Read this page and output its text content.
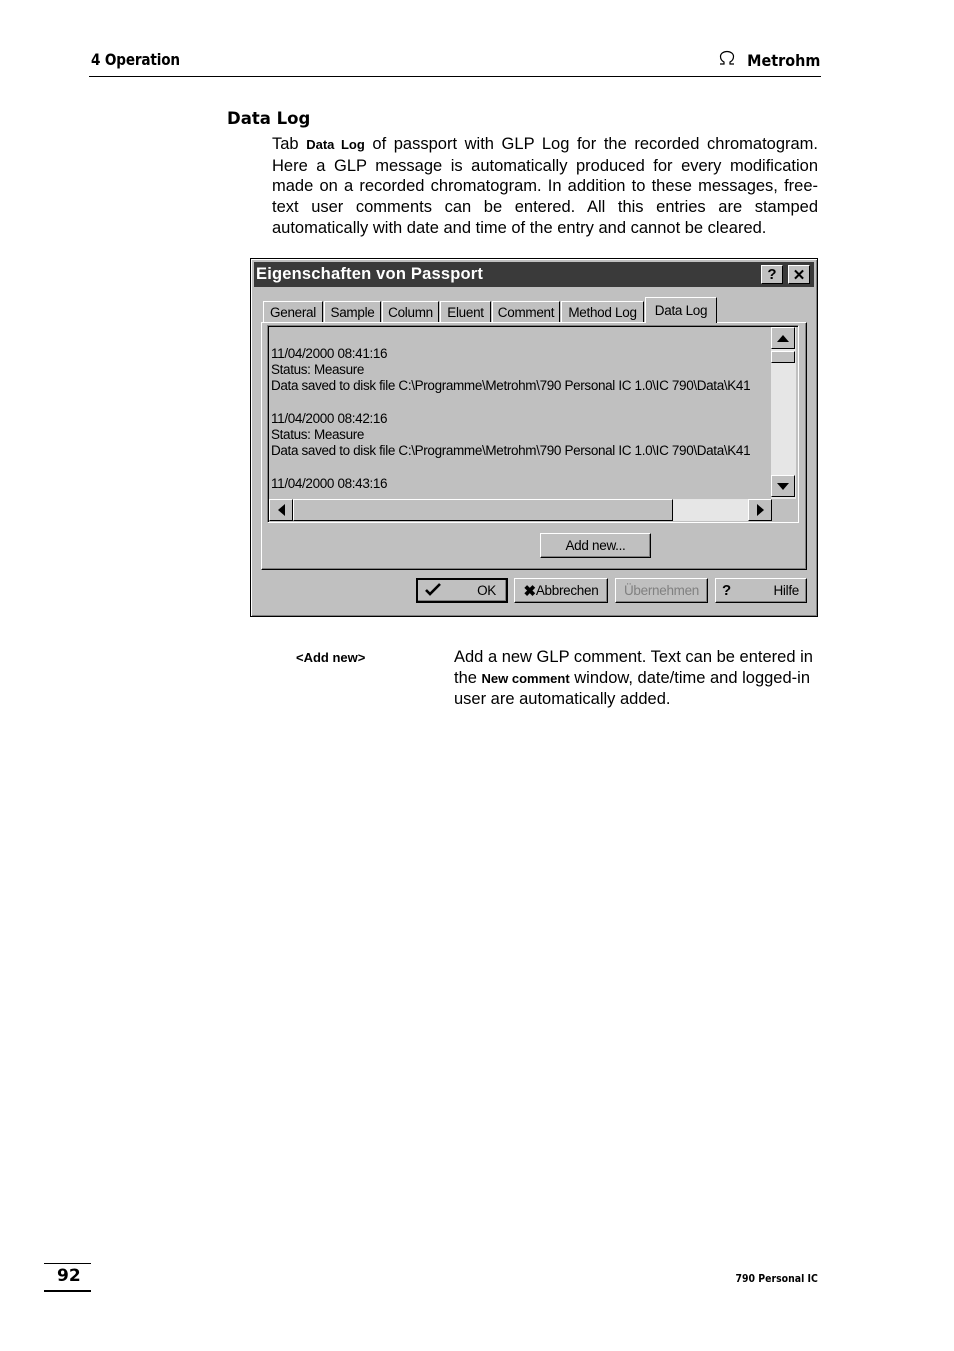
4 Operation	Metrohm
Data Log
Tab Data Log of passport with GLP Log for the recorded chromatogram. Here a GLP message is automatically produced for every modification made on a recorded chromatogram. In addition to these messages, free-text user comments can be entered. All this entries are stamped automatically with date and time of the entry and cannot be cleared.
Eigenschaften von Passport	?	✕
General	Sample	Column	Eluent	Comment	Method Log	Data Log
11/04/2000 08:41:16
Status: Measure
Data saved to disk file C:\Programme\Metrohm\790 Personal IC 1.0\IC 790\Data\K41

11/04/2000 08:42:16
Status: Measure
Data saved to disk file C:\Programme\Metrohm\790 Personal IC 1.0\IC 790\Data\K41

11/04/2000 08:43:16
Add new...
OK ✖ Abbrechen	Übernehmen	?	Hilfe
<Add new>	Add a new GLP comment. Text can be entered in the New comment window, date/time and logged-in user are automatically added.
92	790 Personal IC
